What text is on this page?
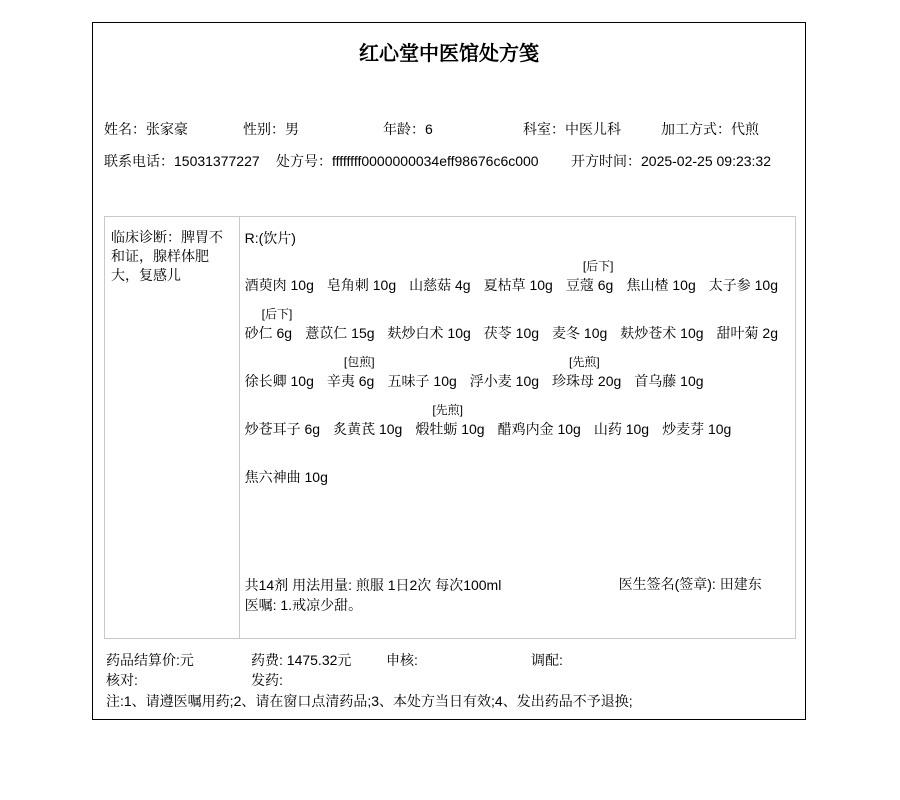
红心堂中医馆处方笺
姓名：张家豪	性别：男	年龄：6	科室：中医儿科	加工方式：代煎
联系电话：15031377227 处方号：ffffffff0000000034eff98676c6c000 开方时间：2025-02-25 09:23:32
临床诊断：脾胃不和证，腺样体肥大，复感儿
R:(饮片)
酒萸肉 10g 皂角刺 10g 山慈菇 4g 夏枯草 10g
[后下]
豆蔻 6g 焦山楂 10g 太子参 10g
[后下]
砂仁 6g 薏苡仁 15g 麸炒白术 10g 茯苓 10g 麦冬 10g 麸炒苍术 10g 甜叶菊 2g
徐长卿 10g
[包煎]
辛夷 6g 五味子 10g 浮小麦 10g
[先煎]
珍珠母 20g 首乌藤 10g
炒苍耳子 6g 炙黄芪 10g
[先煎]
煅牡蛎 10g 醋鸡内金 10g 山药 10g 炒麦芽 10g
焦六神曲 10g
共14剂 用法用量: 煎服 1日2次 每次100ml
医嘱: 1.戒凉少甜。
医生签名(签章): 田建东
药品结算价:元	药费: 1475.32元 申核:	调配:
核对:	发药:
注:1、请遵医嘱用药;2、请在窗口点清药品;3、本处方当日有效;4、发出药品不予退换;
